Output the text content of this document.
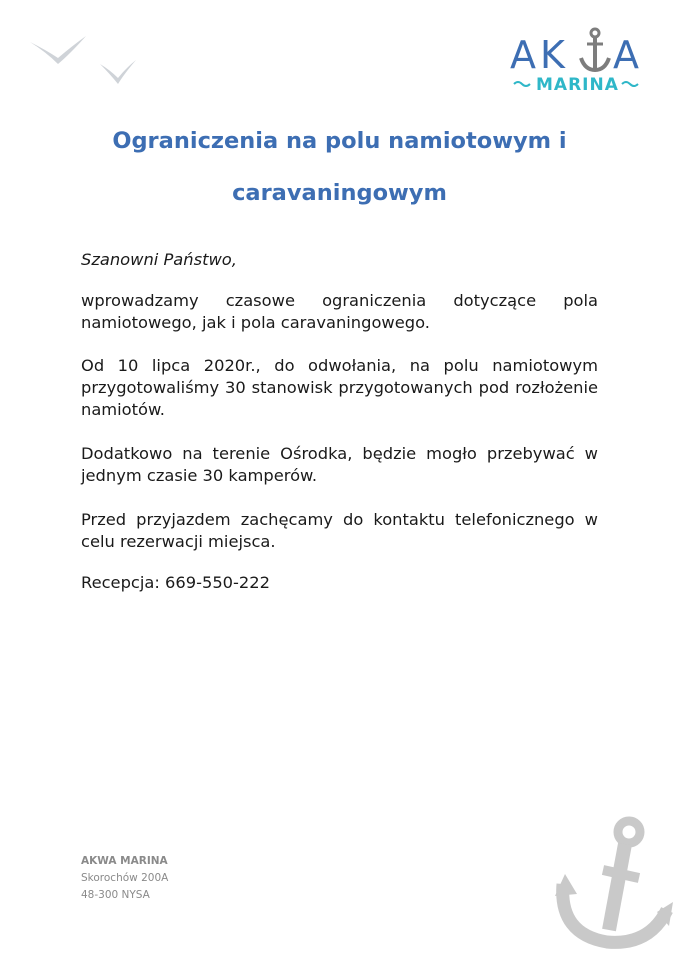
A K A
MARINA
Ograniczenia na polu namiotowym i
caravaningowym
Szanowni Państwo,
wprowadzamy czasowe ograniczenia dotyczące pola namiotowego, jak i pola caravaningowego.
Od 10 lipca 2020r., do odwołania, na polu namiotowym przygotowaliśmy 30 stanowisk przygotowanych pod rozłożenie namiotów.
Dodatkowo na terenie Ośrodka, będzie mogło przebywać w jednym czasie 30 kamperów.
Przed przyjazdem zachęcamy do kontaktu telefonicznego w celu rezerwacji miejsca.
Recepcja: 669-550-222
AKWA MARINA
Skorochów 200A
48-300 NYSA
